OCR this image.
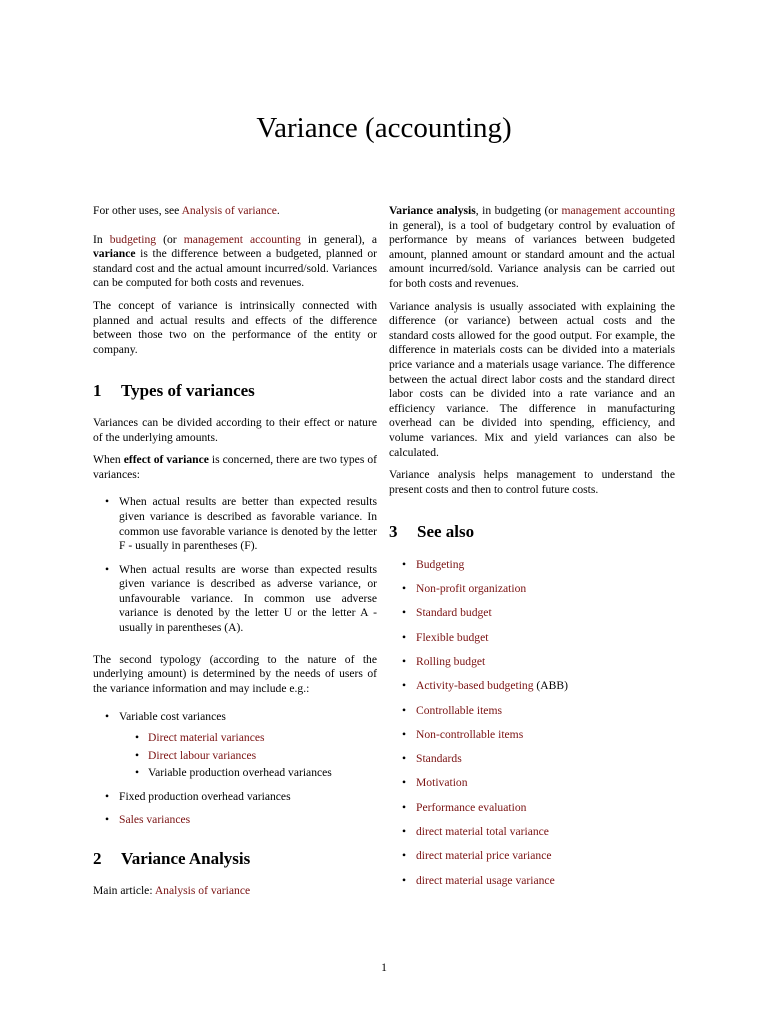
Variance (accounting)

For other uses, see Analysis of variance.

In budgeting (or management accounting in general), a variance is the difference between a budgeted, planned or standard cost and the actual amount incurred/sold. Variances can be computed for both costs and revenues.

The concept of variance is intrinsically connected with planned and actual results and effects of the difference between those two on the performance of the entity or company.

1 Types of variances

Variances can be divided according to their effect or nature of the underlying amounts.

When effect of variance is concerned, there are two types of variances:

• When actual results are better than expected results given variance is described as favorable variance. In common use favorable variance is denoted by the letter F - usually in parentheses (F).
• When actual results are worse than expected results given variance is described as adverse variance, or unfavourable variance. In common use adverse variance is denoted by the letter U or the letter A - usually in parentheses (A).

The second typology (according to the nature of the underlying amount) is determined by the needs of users of the variance information and may include e.g.:

• Variable cost variances
• Direct material variances
• Direct labour variances
• Variable production overhead variances
• Fixed production overhead variances
• Sales variances
2 Variance Analysis

Main article: Analysis of variance

Variance analysis, in budgeting (or management accounting in general), is a tool of budgetary control by evaluation of performance by means of variances between budgeted amount, planned amount or standard amount and the actual amount incurred/sold. Variance analysis can be carried out for both costs and revenues.

Variance analysis is usually associated with explaining the difference (or variance) between actual costs and the standard costs allowed for the good output. For example, the difference in materials costs can be divided into a materials price variance and a materials usage variance. The difference between the actual direct labor costs and the standard direct labor costs can be divided into a rate variance and an efficiency variance. The difference in manufacturing overhead can be divided into spending, efficiency, and volume variances. Mix and yield variances can also be calculated.

Variance analysis helps management to understand the present costs and then to control future costs.

3 See also
• Budgeting
• Non-profit organization
• Standard budget
• Flexible budget
• Rolling budget
• Activity-based budgeting (ABB)
• Controllable items
• Non-controllable items
• Standards
• Motivation
• Performance evaluation
• direct material total variance
• direct material price variance
• direct material usage variance
1
